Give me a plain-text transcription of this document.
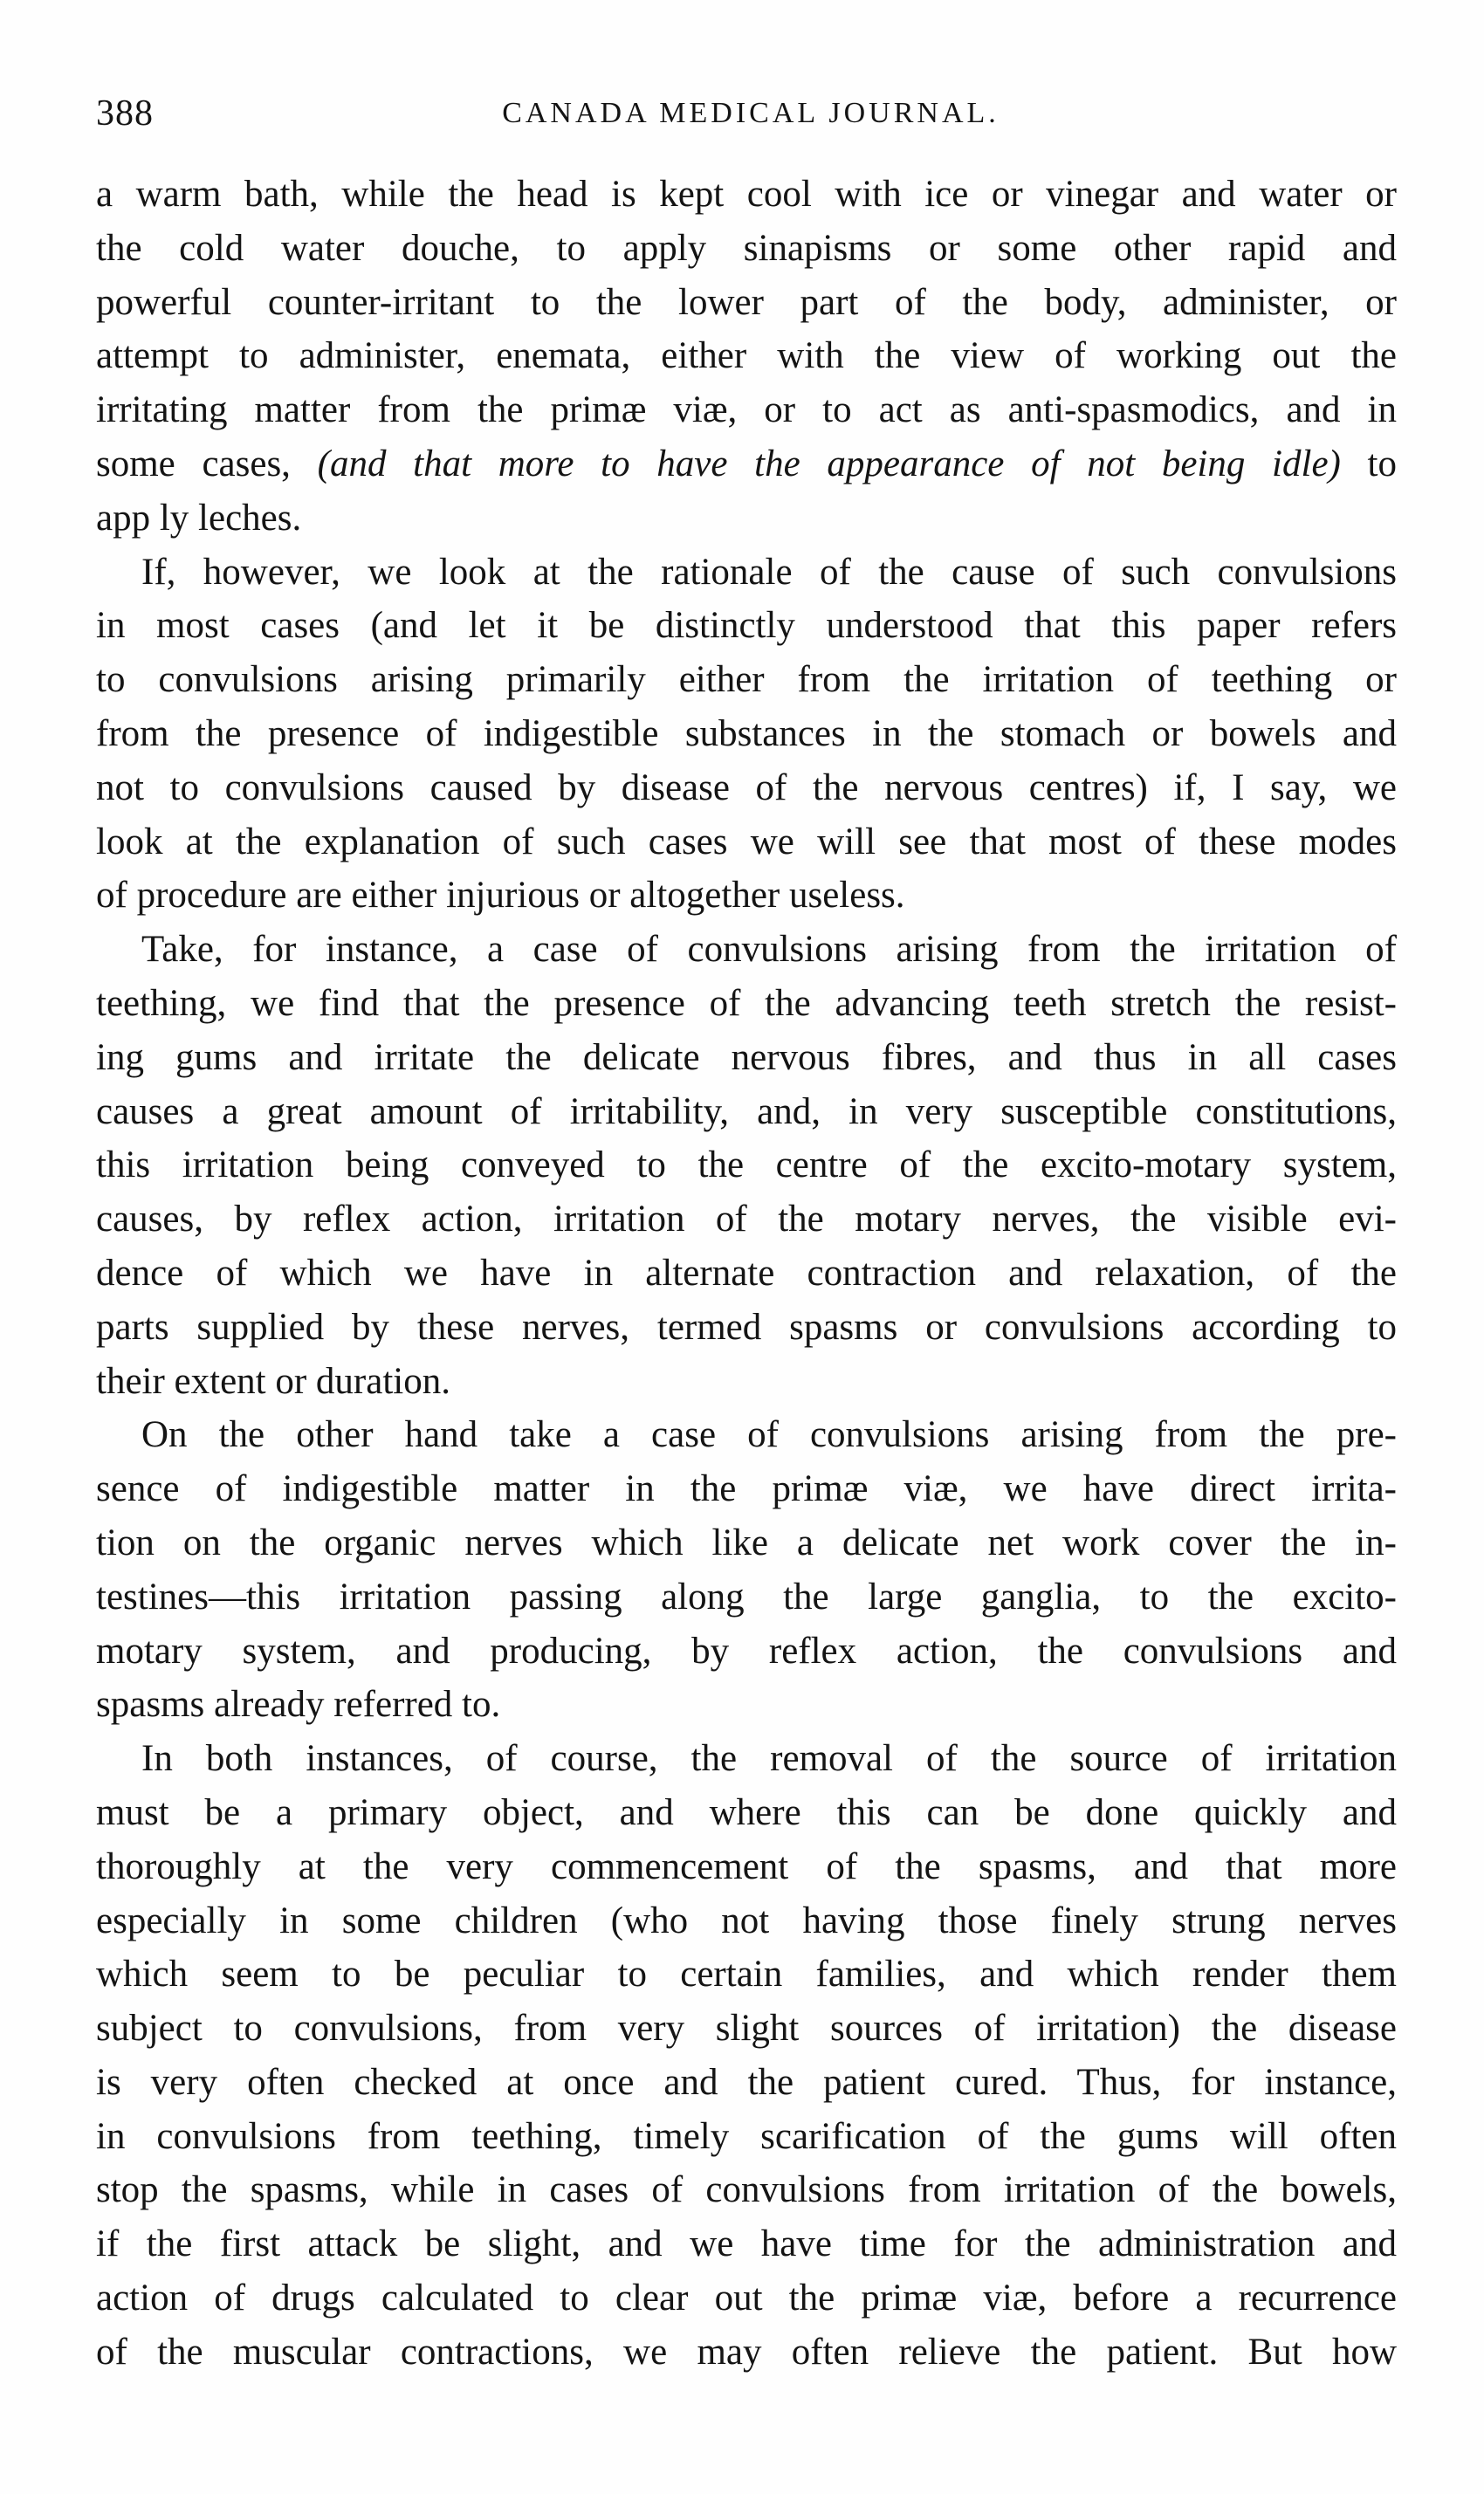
388	CANADA MEDICAL JOURNAL.
a warm bath, while the head is kept cool with ice or vinegar and water or
the cold water douche, to apply sinapisms or some other rapid and
powerful counter-irritant to the lower part of the body, administer, or
attempt to administer, enemata, either with the view of working out the
irritating matter from the primæ viæ, or to act as anti-spasmodics, and in
some cases, (and that more to have the appearance of not being idle) to
app ly leches.
If, however, we look at the rationale of the cause of such convulsions
in most cases (and let it be distinctly understood that this paper refers
to convulsions arising primarily either from the irritation of teething or
from the presence of indigestible substances in the stomach or bowels and
not to convulsions caused by disease of the nervous centres) if, I say, we
look at the explanation of such cases we will see that most of these modes
of procedure are either injurious or altogether useless.
Take, for instance, a case of convulsions arising from the irritation of
teething, we find that the presence of the advancing teeth stretch the resist-
ing gums and irritate the delicate nervous fibres, and thus in all cases
causes a great amount of irritability, and, in very susceptible constitutions,
this irritation being conveyed to the centre of the excito-motary system,
causes, by reflex action, irritation of the motary nerves, the visible evi-
dence of which we have in alternate contraction and relaxation, of the
parts supplied by these nerves, termed spasms or convulsions according to
their extent or duration.
On the other hand take a case of convulsions arising from the pre-
sence of indigestible matter in the primæ viæ, we have direct irrita-
tion on the organic nerves which like a delicate net work cover the in-
testines—this irritation passing along the large ganglia, to the excito-
motary system, and producing, by reflex action, the convulsions and
spasms already referred to.
In both instances, of course, the removal of the source of irritation
must be a primary object, and where this can be done quickly and
thoroughly at the very commencement of the spasms, and that more
especially in some children (who not having those finely strung nerves
which seem to be peculiar to certain families, and which render them
subject to convulsions, from very slight sources of irritation) the disease
is very often checked at once and the patient cured. Thus, for instance,
in convulsions from teething, timely scarification of the gums will often
stop the spasms, while in cases of convulsions from irritation of the bowels,
if the first attack be slight, and we have time for the administration and
action of drugs calculated to clear out the primæ viæ, before a recurrence
of the muscular contractions, we may often relieve the patient. But how
